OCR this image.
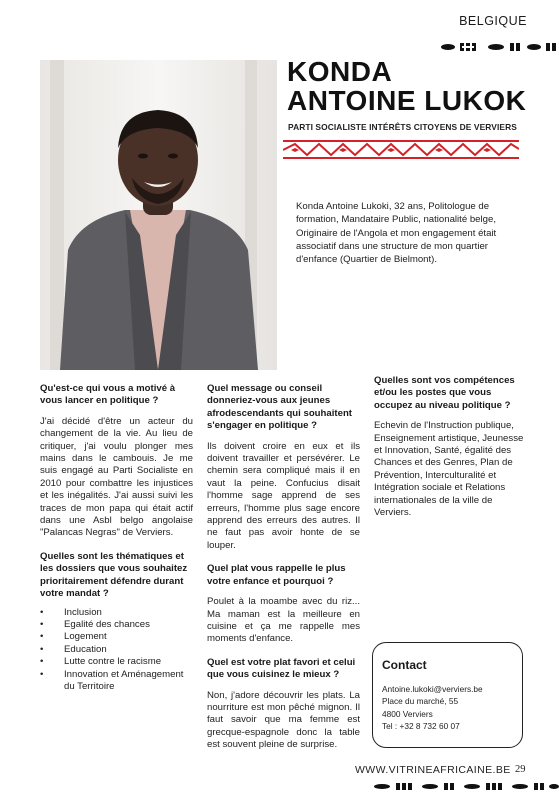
BELGIQUE
KONDA
ANTOINE LUKOK
PARTI SOCIALISTE INTÉRÊTS CITOYENS DE VERVIERS
Konda Antoine Lukoki, 32 ans, Politologue de formation, Mandataire Public, nationalité belge, Originaire de l'Angola et mon engagement était associatif dans une structure de mon quartier d'enfance (Quartier de Bielmont).
Qu'est-ce qui vous a motivé à vous lancer en politique ?
J'ai décidé d'être un acteur du changement de la vie. Au lieu de critiquer, j'ai voulu plonger mes mains dans le cambouis. Je me suis engagé au Parti Socialiste en 2010 pour combattre les injustices et les inégalités. J'ai aussi suivi les traces de mon papa qui était actif dans une Asbl belgo angolaise "Palancas Negras" de Verviers.
Quelles sont les thématiques et les dossiers que vous souhaitez prioritairement défendre durant votre mandat ?
• Inclusion
• Egalité des chances
• Logement
• Education
• Lutte contre le racisme
• Innovation et Aménagement du Territoire
Quel message ou conseil donneriez-vous aux jeunes afrodescendants qui souhaitent s'engager en politique ?
Ils doivent croire en eux et ils doivent travailler et persévérer. Le chemin sera compliqué mais il en vaut la peine. Confucius disait l'homme sage apprend de ses erreurs, l'homme plus sage encore apprend des erreurs des autres. Il ne faut pas avoir honte de se louper.
Quel plat vous rappelle le plus votre enfance et pourquoi ?
Poulet à la moambe avec du riz... Ma maman est la meilleure en cuisine et ça me rappelle mes moments d'enfance.
Quel est votre plat favori et celui que vous cuisinez le mieux ?
Non, j'adore découvrir les plats. La nourriture est mon pêché mignon. Il faut savoir que ma femme est grecque-espagnole donc la table est souvent pleine de surprise.
Quelles sont vos compétences et/ou les postes que vous occupez au niveau politique ?
Echevin de l'Instruction publique, Enseignement artistique, Jeunesse et Innovation, Santé, égalité des Chances et des Genres, Plan de Prévention, Interculturalité et Intégration sociale et Relations internationales de la ville de Verviers.
Contact
Antoine.lukoki@verviers.be
Place du marché, 55
4800 Verviers
Tel : +32 8 732 60 07
WWW.VITRINEAFRICAINE.BE 29
